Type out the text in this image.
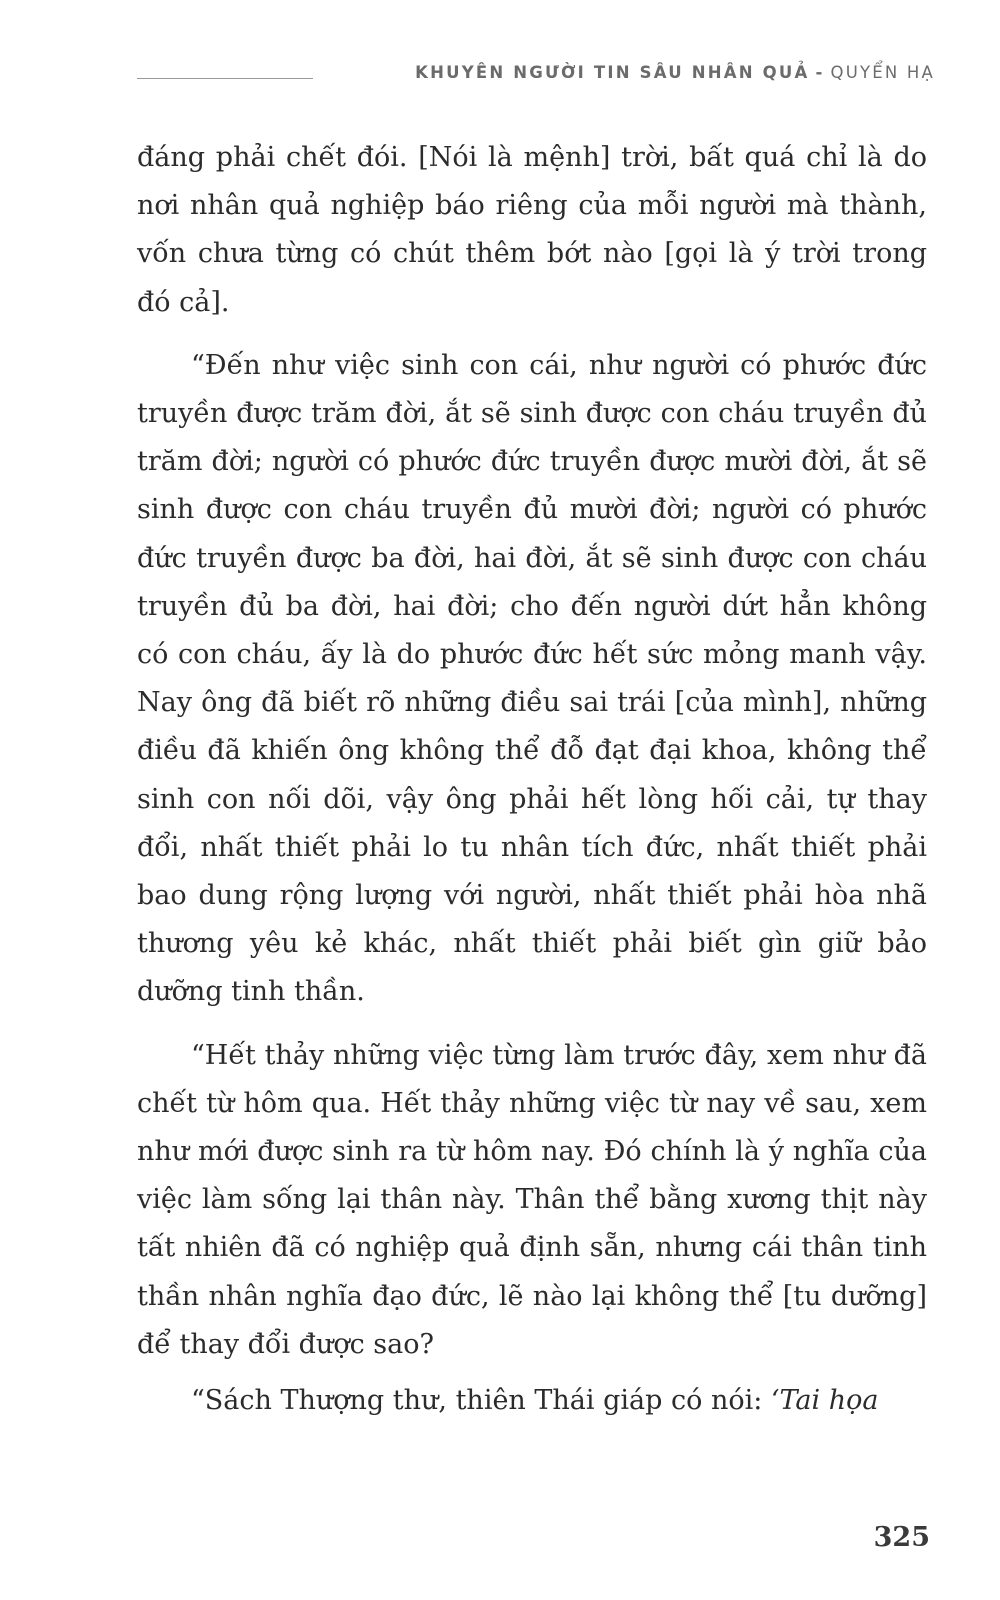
KHUYÊN NGƯỜI TIN SÂU NHÂN QUẢ - QUYỂN HẠ

đáng phải chết đói. [Nói là mệnh] trời, bất quá chỉ là do nơi nhân quả nghiệp báo riêng của mỗi người mà thành, vốn chưa từng có chút thêm bớt nào [gọi là ý trời trong đó cả].

“Đến như việc sinh con cái, như người có phước đức truyền được trăm đời, ắt sẽ sinh được con cháu truyền đủ trăm đời; người có phước đức truyền được mười đời, ắt sẽ sinh được con cháu truyền đủ mười đời; người có phước đức truyền được ba đời, hai đời, ắt sẽ sinh được con cháu truyền đủ ba đời, hai đời; cho đến người dứt hẳn không có con cháu, ấy là do phước đức hết sức mỏng manh vậy. Nay ông đã biết rõ những điều sai trái [của mình], những điều đã khiến ông không thể đỗ đạt đại khoa, không thể sinh con nối dõi, vậy ông phải hết lòng hối cải, tự thay đổi, nhất thiết phải lo tu nhân tích đức, nhất thiết phải bao dung rộng lượng với người, nhất thiết phải hòa nhã thương yêu kẻ khác, nhất thiết phải biết gìn giữ bảo dưỡng tinh thần.

“Hết thảy những việc từng làm trước đây, xem như đã chết từ hôm qua. Hết thảy những việc từ nay về sau, xem như mới được sinh ra từ hôm nay. Đó chính là ý nghĩa của việc làm sống lại thân này. Thân thể bằng xương thịt này tất nhiên đã có nghiệp quả định sẵn, nhưng cái thân tinh thần nhân nghĩa đạo đức, lẽ nào lại không thể [tu dưỡng] để thay đổi được sao?

“Sách Thượng thư, thiên Thái giáp có nói: ‘Tai họa

325
